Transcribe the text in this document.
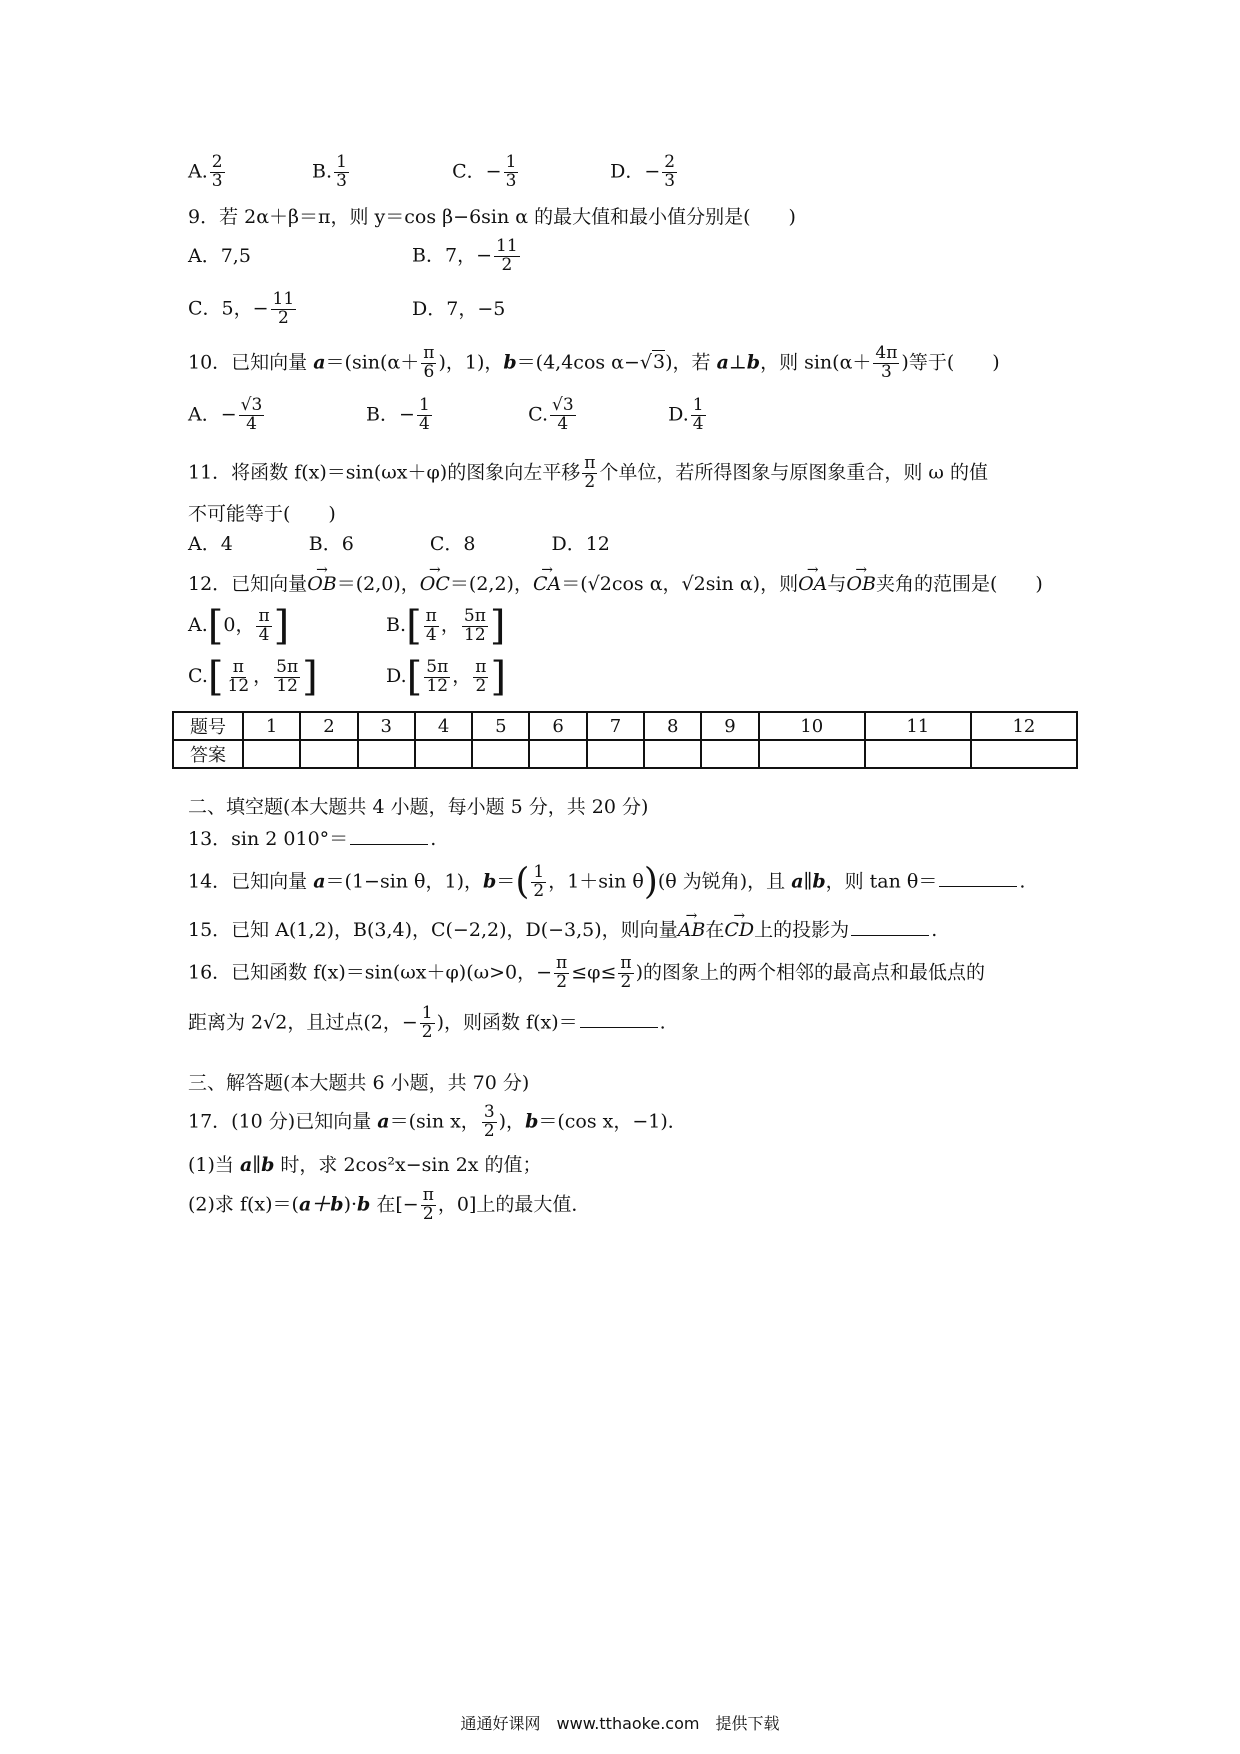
A. $\frac{2}{3}$	B. $\frac{1}{3}$	C．− $\frac{1}{3}$	D．− $\frac{2}{3}$
9．若 2α＋β＝π，则 y＝cos β−6sin α 的最大值和最小值分别是(　　)
A．7,5	B．7，− $\frac{11}{2}$
C．5，− $\frac{11}{2}$	D．7，−5
10．已知向量 $a=(\sin(\alpha+ \frac{\pi}{6}$ )，1)，b＝(4,4cos α−√3)，若 a⊥b，则 $\sin(\alpha+ \frac{4\pi}{3}$ )等于(　　)
A．− $\frac{√3}{4}$	B．− $\frac{1}{4}$	C. $\frac{√3}{4}$	D. $\frac{1}{4}$
11．将函数 f(x)＝sin(ωx＋φ)的图象向左平移 $\frac{\pi}{2}$ 个单位，若所得图象与原图象重合，则 ω 的值
不可能等于(　　)
A．4　　　　B．6　　　　C．8　　　　D．12
12．已知向量→ OB＝(2,0)，→ OC＝(2,2)，→ CA＝(√2cos α，√2sin α)，则→ OA与→ OB夹角的范围是(　　)
A.[0， $\frac{\pi}{4}$ ]	$B.[ \frac{\pi}{4}$ ， $\frac{5\pi}{12}$ ]
$C.[ \frac{\pi}{12}$ ， $\frac{5\pi}{12}$ ]	$D.[ \frac{5\pi}{12}$ ， $\frac{\pi}{2}$ ]
题号	1	2	3	4	5	6	7	8	9	10	11	12
答案												
二、填空题(本大题共 4 小题，每小题 5 分，共 20 分)
13．sin 2 010°＝	.
14．已知向量 a＝(1−sin θ，1)，$b=( \frac{1}{2}$ ，1＋sin θ)(θ 为锐角)，且 a∥b，则 tan θ＝	.
15．已知 A(1,2)，B(3,4)，C(−2,2)，D(−3,5)，则向量→ AB在→ CD上的投影为	.
16．已知函数 f(x)＝sin(ωx＋φ)(ω>0，− $\frac{\pi}{2} \le\varphi\le \frac{\pi}{2}$ )的图象上的两个相邻的最高点和最低点的
距离为 2√2，且过点(2，− $\frac{1}{2}$ )，则函数 f(x)＝	.
三、解答题(本大题共 6 小题，共 70 分)
17．(10 分)已知向量 a＝(sin x， $\frac{3}{2}$ )，b＝(cos x，−1)．
(1)当 a∥b 时，求 2cos²x−sin 2x 的值；
(2)求 f(x)＝(a＋b)·b 在[− $\frac{\pi}{2}$ ，0]上的最大值．
通通好课网　www.tthaoke.com　提供下载
